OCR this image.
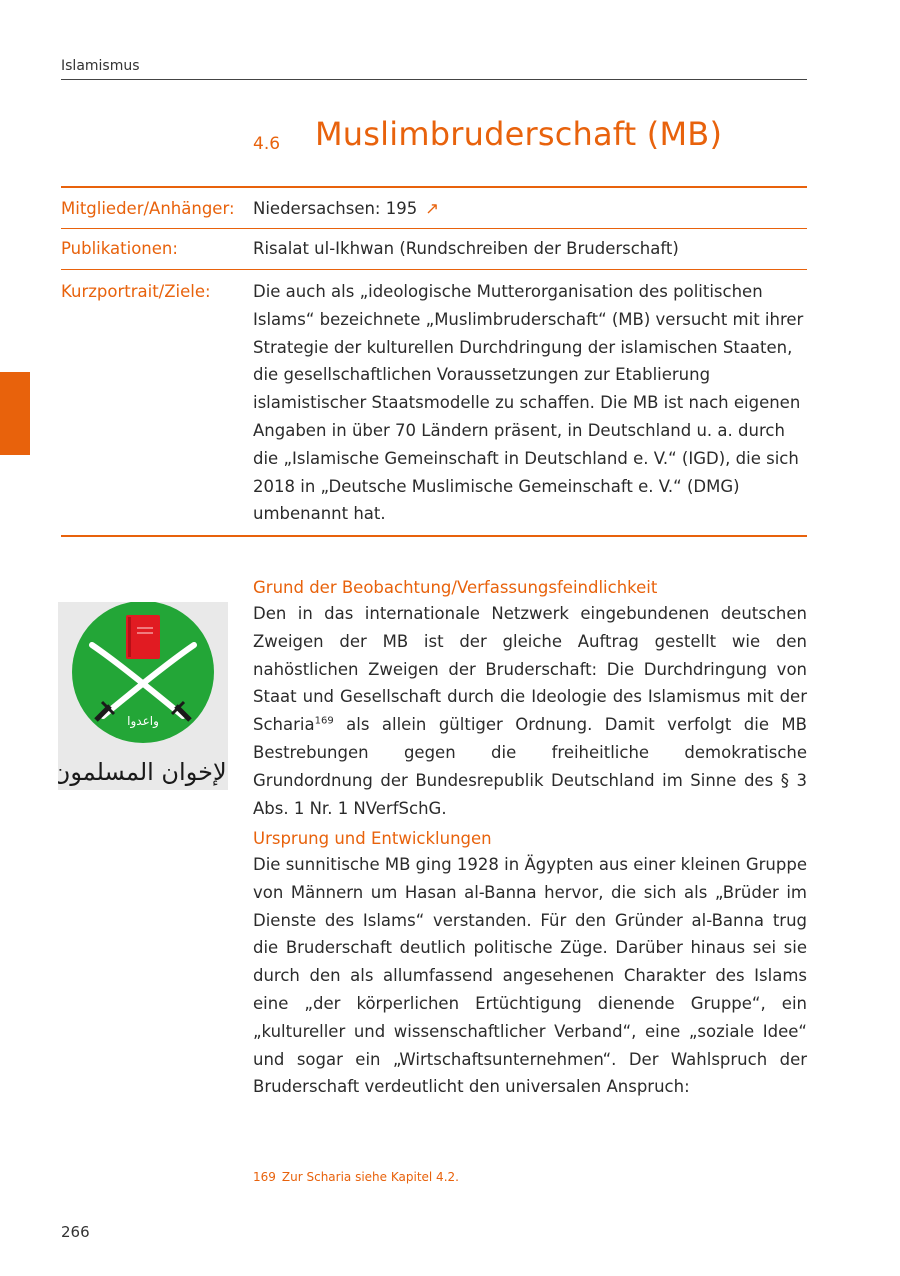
Islamismus
4.6 Muslimbruderschaft (MB)
Mitglieder/Anhänger:	Niedersachsen: 195 ↗
Publikationen:	Risalat ul-Ikhwan (Rundschreiben der Bruderschaft)
Kurzportrait/Ziele:	Die auch als „ideologische Mutterorganisation des politischen Islams“ bezeichnete „Muslimbruderschaft“ (MB) versucht mit ihrer Strategie der kulturellen Durchdringung der islamischen Staaten, die gesellschaftlichen Voraussetzungen zur Etablierung islamistischer Staatsmodelle zu schaffen. Die MB ist nach eigenen Angaben in über 70 Ländern präsent, in Deutschland u. a. durch die „Islamische Gemeinschaft in Deutschland e. V.“ (IGD), die sich 2018 in „Deutsche Muslimische Gemeinschaft e. V.“ (DMG) umbenannt hat.
واعدوا
الإخوان المسلمون
Grund der Beobachtung/Verfassungsfeindlichkeit
Den in das internationale Netzwerk eingebundenen deutschen Zweigen der MB ist der gleiche Auftrag gestellt wie den nahöstlichen Zweigen der Bruderschaft: Die Durchdringung von Staat und Gesellschaft durch die Ideologie des Islamismus mit der Scharia$^{169}$ als allein gültiger Ordnung. Damit verfolgt die MB Bestrebungen gegen die freiheitliche demokratische Grundordnung der Bundesrepublik Deutschland im Sinne des § 3 Abs. 1 Nr. 1 NVerfSchG.
Ursprung und Entwicklungen
Die sunnitische MB ging 1928 in Ägypten aus einer kleinen Gruppe von Männern um Hasan al-Banna hervor, die sich als „Brüder im Dienste des Islams“ verstanden. Für den Gründer al-Banna trug die Bruderschaft deutlich politische Züge. Darüber hinaus sei sie durch den als allumfassend angesehenen Charakter des Islams eine „der körperlichen Ertüchtigung dienende Gruppe“, ein „kultureller und wissenschaftlicher Verband“, eine „soziale Idee“ und sogar ein „Wirtschaftsunternehmen“. Der Wahlspruch der Bruderschaft verdeutlicht den universalen Anspruch:
169 Zur Scharia siehe Kapitel 4.2.
266
